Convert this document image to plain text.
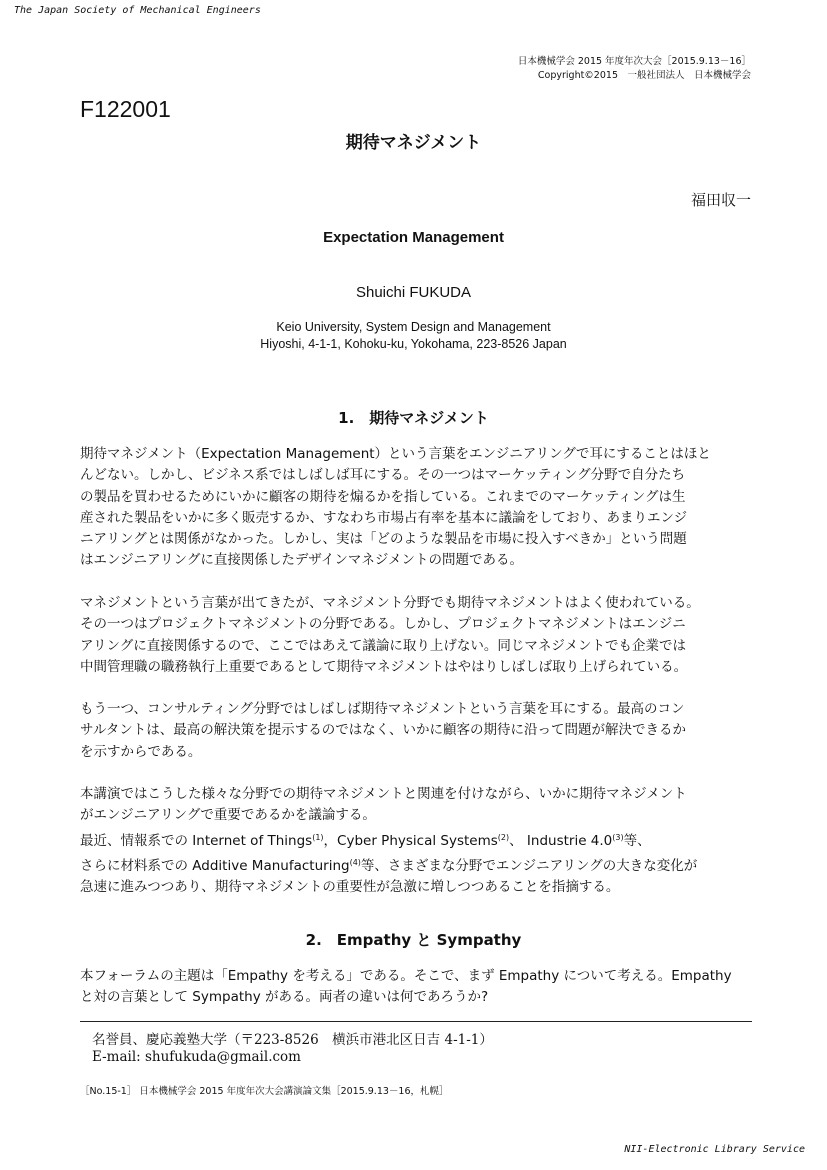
The Japan Society of Mechanical Engineers
日本機械学会 2015 年度年次大会［2015.9.13－16］
Copyright©2015　一般社団法人　日本機械学会
F122001
期待マネジメント
福田収一
Expectation Management
Shuichi FUKUDA
Keio University, System Design and Management
Hiyoshi, 4-1-1, Kohoku-ku, Yokohama, 223-8526 Japan
1.　期待マネジメント
期待マネジメント（Expectation Management）という言葉をエンジニアリングで耳にすることはほと
んどない。しかし、ビジネス系ではしばしば耳にする。その一つはマーケッティング分野で自分たち
の製品を買わせるためにいかに顧客の期待を煽るかを指している。これまでのマーケッティングは生
産された製品をいかに多く販売するか、すなわち市場占有率を基本に議論をしており、あまりエンジ
ニアリングとは関係がなかった。しかし、実は「どのような製品を市場に投入すべきか」という問題
はエンジニアリングに直接関係したデザインマネジメントの問題である。
マネジメントという言葉が出てきたが、マネジメント分野でも期待マネジメントはよく使われている。
その一つはプロジェクトマネジメントの分野である。しかし、プロジェクトマネジメントはエンジニ
アリングに直接関係するので、ここではあえて議論に取り上げない。同じマネジメントでも企業では
中間管理職の職務執行上重要であるとして期待マネジメントはやはりしばしば取り上げられている。
もう一つ、コンサルティング分野ではしばしば期待マネジメントという言葉を耳にする。最高のコン
サルタントは、最高の解決策を提示するのではなく、いかに顧客の期待に沿って問題が解決できるか
を示すからである。
本講演ではこうした様々な分野での期待マネジメントと関連を付けながら、いかに期待マネジメント
がエンジニアリングで重要であるかを議論する。
最近、情報系での Internet of Things$^{(1)}$，Cyber Physical Systems$^{(2)}$、 Industrie 4.0$^{(3)}$等、
さらに材料系での Additive Manufacturing$^{(4)}$等、さまざまな分野でエンジニアリングの大きな変化が
急速に進みつつあり、期待マネジメントの重要性が急激に増しつつあることを指摘する。
2.　Empathy と Sympathy
本フォーラムの主題は「Empathy を考える」である。そこで、まず Empathy について考える。Empathy
と対の言葉として Sympathy がある。両者の違いは何であろうか?
名誉員、慶応義塾大学（〒223-8526　横浜市港北区日吉 4-1-1）
E-mail: shufukuda@gmail.com
［No.15-1］ 日本機械学会 2015 年度年次大会講演論文集［2015.9.13－16，札幌］
NII-Electronic Library Service
